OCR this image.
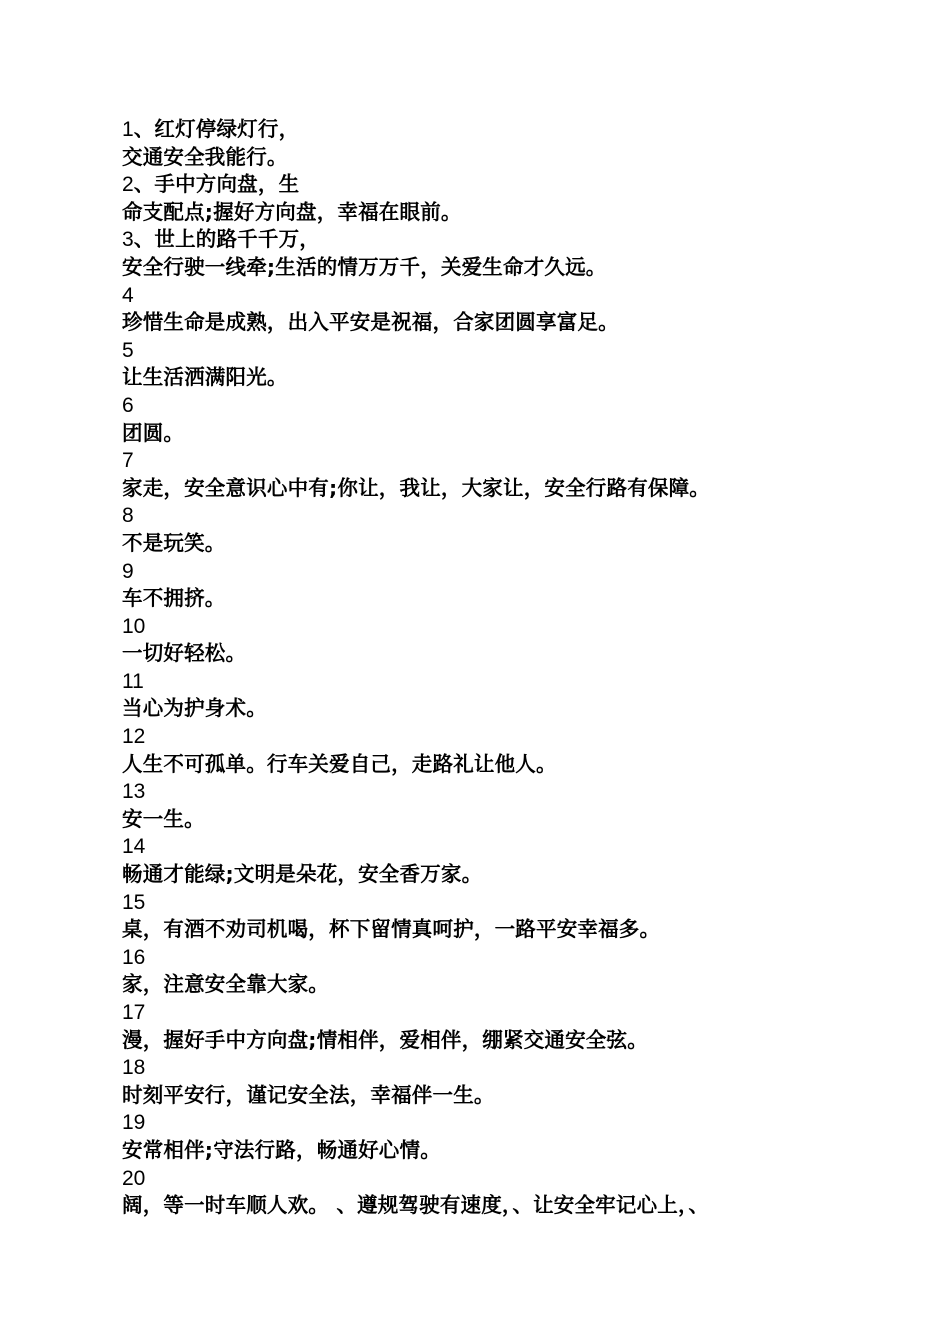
1、红灯停绿灯行，
交通安全我能行。
2、手中方向盘，生
命支配点;握好方向盘，幸福在眼前。
3、世上的路千千万，
安全行驶一线牵;生活的情万万千，关爱生命才久远。
4
珍惜生命是成熟，出入平安是祝福，合家团圆享富足。
5
让生活洒满阳光。
6
团圆。
7
家走，安全意识心中有;你让，我让，大家让，安全行路有保障。
8
不是玩笑。
9
车不拥挤。
10
一切好轻松。
11
当心为护身术。
12
人生不可孤单。行车关爱自己，走路礼让他人。
13
安一生。
14
畅通才能绿;文明是朵花，安全香万家。
15
桌，有酒不劝司机喝，杯下留情真呵护，一路平安幸福多。
16
家，注意安全靠大家。
17
漫，握好手中方向盘;情相伴，爱相伴，绷紧交通安全弦。
18
时刻平安行，谨记安全法，幸福伴一生。
19
安常相伴;守法行路，畅通好心情。
20
阔，等一时车顺人欢。 、遵规驾驶有速度，、让安全牢记心上，、
